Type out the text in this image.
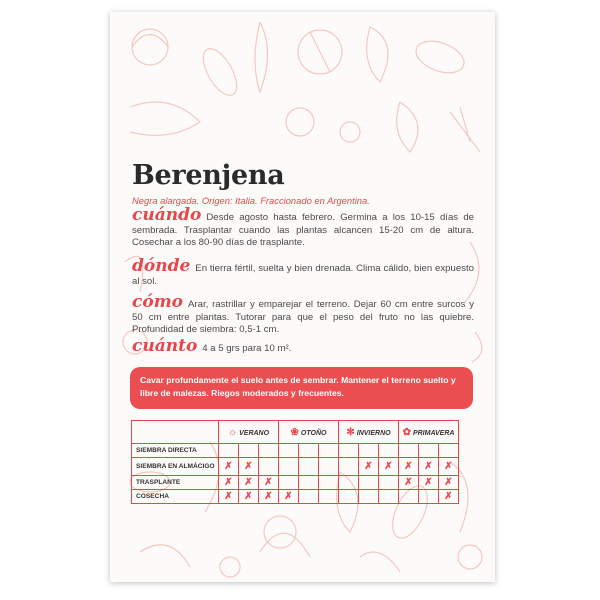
Berenjena
Negra alargada. Origen: Italia. Fraccionado en Argentina.
cuándo Desde agosto hasta febrero. Germina a los 10-15 días de sembrada. Trasplantar cuando las plantas alcancen 15-20 cm de altura. Cosechar a los 80-90 días de trasplante.
dónde En tierra fértil, suelta y bien drenada. Clima cálido, bien expuesto al sol.
cómo Arar, rastrillar y emparejar el terreno. Dejar 60 cm entre surcos y 50 cm entre plantas. Tutorar para que el peso del fruto no las quiebre. Profundidad de siembra: 0,5-1 cm.
cuánto 4 a 5 grs para 10 m².
Cavar profundamente el suelo antes de sembrar. Mantener el terreno suelto y libre de malezas. Riegos moderados y frecuentes.
	☼ VERANO			❀ OTOÑO			✻ INVIERNO			✿ PRIMAVERA		
SIEMBRA DIRECTA												
SIEMBRA EN ALMÁCIGO	✗	✗						✗	✗	✗	✗	✗
TRASPLANTE	✗	✗	✗							✗	✗	✗
COSECHA	✗	✗	✗	✗								✗
